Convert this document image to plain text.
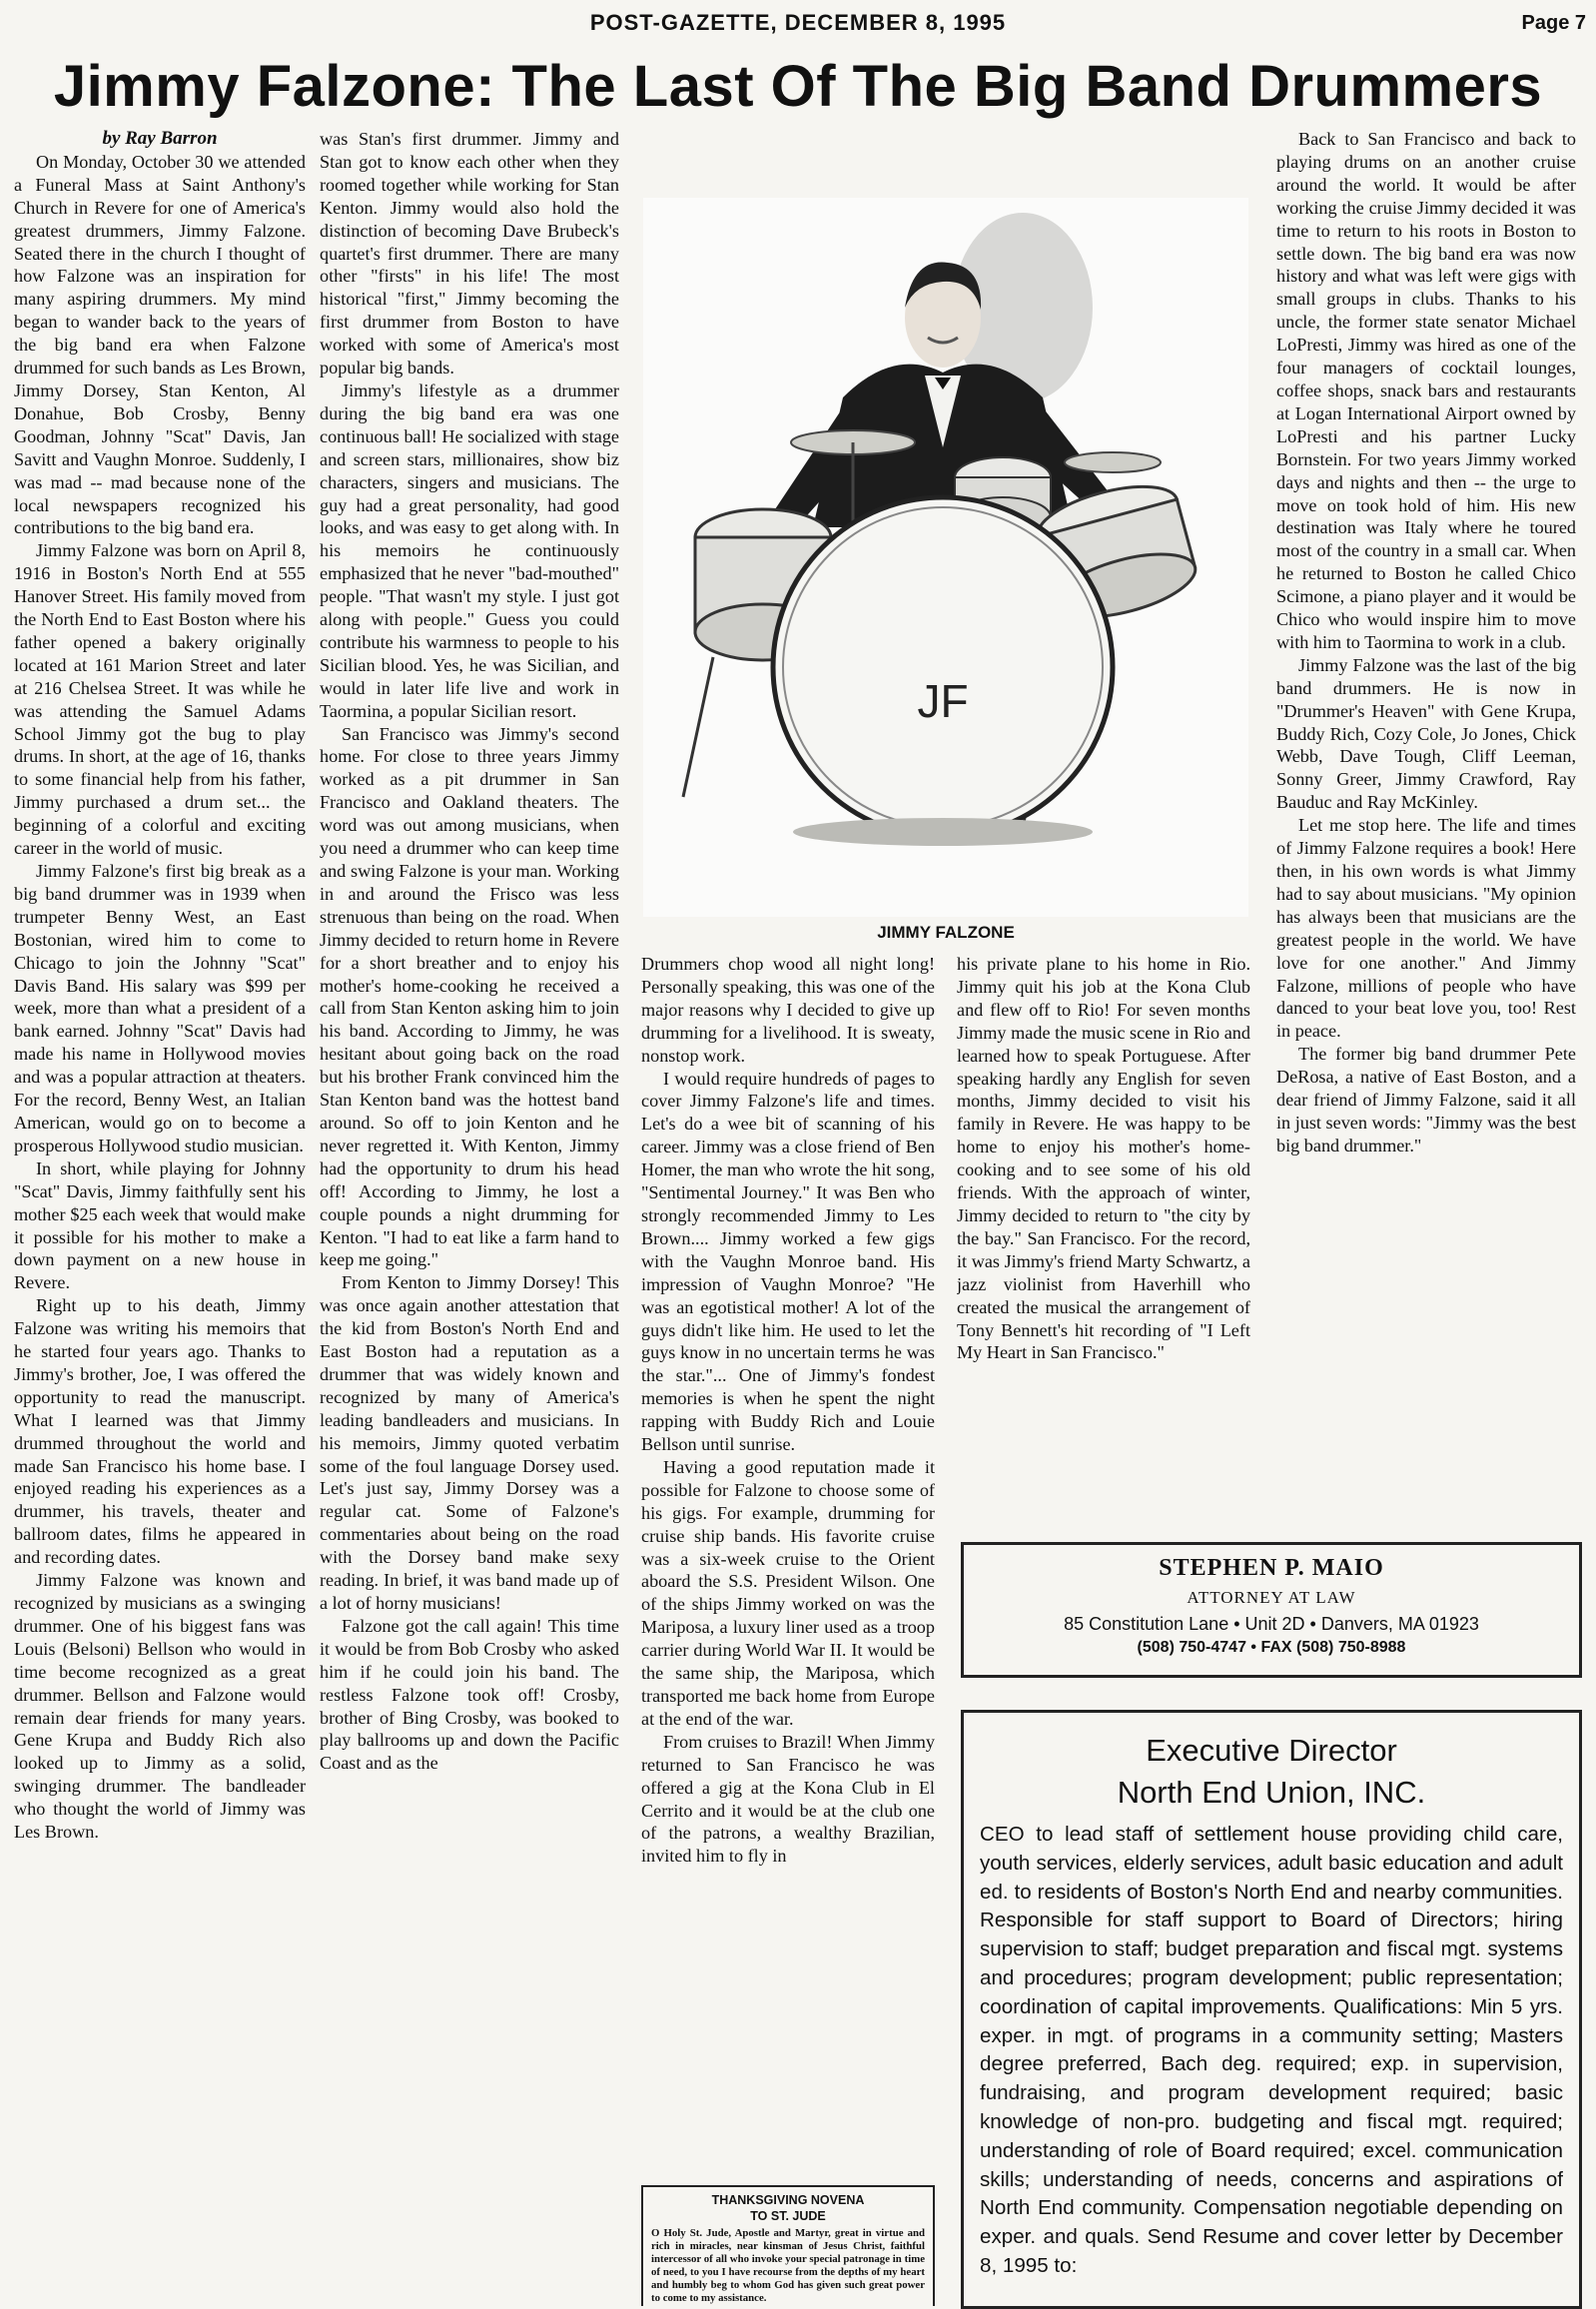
POST-GAZETTE, DECEMBER 8, 1995	Page 7
Jimmy Falzone: The Last Of The Big Band Drummers

by Ray Barron

On Monday, October 30 we attended a Funeral Mass at Saint Anthony's Church in Revere for one of America's greatest drummers, Jimmy Falzone. Seated there in the church I thought of how Falzone was an inspiration for many aspiring drummers. My mind began to wander back to the years of the big band era when Falzone drummed for such bands as Les Brown, Jimmy Dorsey, Stan Kenton, Al Donahue, Bob Crosby, Benny Goodman, Johnny "Scat" Davis, Jan Savitt and Vaughn Monroe. Suddenly, I was mad -- mad because none of the local newspapers recognized his contributions to the big band era.

Jimmy Falzone was born on April 8, 1916 in Boston's North End at 555 Hanover Street. His family moved from the North End to East Boston where his father opened a bakery originally located at 161 Marion Street and later at 216 Chelsea Street. It was while he was attending the Samuel Adams School Jimmy got the bug to play drums. In short, at the age of 16, thanks to some financial help from his father, Jimmy purchased a drum set... the beginning of a colorful and exciting career in the world of music.

Jimmy Falzone's first big break as a big band drummer was in 1939 when trumpeter Benny West, an East Bostonian, wired him to come to Chicago to join the Johnny "Scat" Davis Band. His salary was $99 per week, more than what a president of a bank earned. Johnny "Scat" Davis had made his name in Hollywood movies and was a popular attraction at theaters. For the record, Benny West, an Italian American, would go on to become a prosperous Hollywood studio musician.

In short, while playing for Johnny "Scat" Davis, Jimmy faithfully sent his mother $25 each week that would make it possible for his mother to make a down payment on a new house in Revere.

Right up to his death, Jimmy Falzone was writing his memoirs that he started four years ago. Thanks to Jimmy's brother, Joe, I was offered the opportunity to read the manuscript. What I learned was that Jimmy drummed throughout the world and made San Francisco his home base. I enjoyed reading his experiences as a drummer, his travels, theater and ballroom dates, films he appeared in and recording dates.

Jimmy Falzone was known and recognized by musicians as a swinging drummer. One of his biggest fans was Louis (Belsoni) Bellson who would in time become recognized as a great drummer. Bellson and Falzone would remain dear friends for many years. Gene Krupa and Buddy Rich also looked up to Jimmy as a solid, swinging drummer. The bandleader who thought the world of Jimmy was Les Brown.

was Stan's first drummer. Jimmy and Stan got to know each other when they roomed together while working for Stan Kenton. Jimmy would also hold the distinction of becoming Dave Brubeck's quartet's first drummer. There are many other "firsts" in his life! The most historical "first," Jimmy becoming the first drummer from Boston to have worked with some of America's most popular big bands.

Jimmy's lifestyle as a drummer during the big band era was one continuous ball! He socialized with stage and screen stars, millionaires, show biz characters, singers and musicians. The guy had a great personality, had good looks, and was easy to get along with. In his memoirs he continuously emphasized that he never "bad-mouthed" people. "That wasn't my style. I just got along with people." Guess you could contribute his warmness to people to his Sicilian blood. Yes, he was Sicilian, and would in later life live and work in Taormina, a popular Sicilian resort.

San Francisco was Jimmy's second home. For close to three years Jimmy worked as a pit drummer in San Francisco and Oakland theaters. The word was out among musicians, when you need a drummer who can keep time and swing Falzone is your man. Working in and around the Frisco was less strenuous than being on the road. When Jimmy decided to return home in Revere for a short breather and to enjoy his mother's home-cooking he received a call from Stan Kenton asking him to join his band. According to Jimmy, he was hesitant about going back on the road but his brother Frank convinced him the Stan Kenton band was the hottest band around. So off to join Kenton and he never regretted it. With Kenton, Jimmy had the opportunity to drum his head off! According to Jimmy, he lost a couple pounds a night drumming for Kenton. "I had to eat like a farm hand to keep me going."

From Kenton to Jimmy Dorsey! This was once again another attestation that the kid from Boston's North End and East Boston had a reputation as a drummer that was widely known and recognized by many of America's leading bandleaders and musicians. In his memoirs, Jimmy quoted verbatim some of the foul language Dorsey used. Let's just say, Jimmy Dorsey was a regular cat. Some of Falzone's commentaries about being on the road with the Dorsey band make sexy reading. In brief, it was band made up of a lot of horny musicians!

Falzone got the call again! This time it would be from Bob Crosby who asked him if he could join his band. The restless Falzone took off! Crosby, brother of Bing Crosby, was booked to play ballrooms up and down the Pacific Coast and as the

JF
JIMMY FALZONE

Drummers chop wood all night long! Personally speaking, this was one of the major reasons why I decided to give up drumming for a livelihood. It is sweaty, nonstop work.

I would require hundreds of pages to cover Jimmy Falzone's life and times. Let's do a wee bit of scanning of his career. Jimmy was a close friend of Ben Homer, the man who wrote the hit song, "Sentimental Journey." It was Ben who strongly recommended Jimmy to Les Brown.... Jimmy worked a few gigs with the Vaughn Monroe band. His impression of Vaughn Monroe? "He was an egotistical mother! A lot of the guys didn't like him. He used to let the guys know in no uncertain terms he was the star."... One of Jimmy's fondest memories is when he spent the night rapping with Buddy Rich and Louie Bellson until sunrise.

Having a good reputation made it possible for Falzone to choose some of his gigs. For example, drumming for cruise ship bands. His favorite cruise was a six-week cruise to the Orient aboard the S.S. President Wilson. One of the ships Jimmy worked on was the Mariposa, a luxury liner used as a troop carrier during World War II. It would be the same ship, the Mariposa, which transported me back home from Europe at the end of the war.

From cruises to Brazil! When Jimmy returned to San Francisco he was offered a gig at the Kona Club in El Cerrito and it would be at the club one of the patrons, a wealthy Brazilian, invited him to fly in

his private plane to his home in Rio. Jimmy quit his job at the Kona Club and flew off to Rio! For seven months Jimmy made the music scene in Rio and learned how to speak Portuguese. After speaking hardly any English for seven months, Jimmy decided to visit his family in Revere. He was happy to be home to enjoy his mother's home-cooking and to see some of his old friends. With the approach of winter, Jimmy decided to return to "the city by the bay." San Francisco. For the record, it was Jimmy's friend Marty Schwartz, a jazz violinist from Haverhill who created the musical the arrangement of Tony Bennett's hit recording of "I Left My Heart in San Francisco."

Back to San Francisco and back to playing drums on an another cruise around the world. It would be after working the cruise Jimmy decided it was time to return to his roots in Boston to settle down. The big band era was now history and what was left were gigs with small groups in clubs. Thanks to his uncle, the former state senator Michael LoPresti, Jimmy was hired as one of the four managers of cocktail lounges, coffee shops, snack bars and restaurants at Logan International Airport owned by LoPresti and his partner Lucky Bornstein. For two years Jimmy worked days and nights and then -- the urge to move on took hold of him. His new destination was Italy where he toured most of the country in a small car. When he returned to Boston he called Chico Scimone, a piano player and it would be Chico who would inspire him to move with him to Taormina to work in a club.

Jimmy Falzone was the last of the big band drummers. He is now in "Drummer's Heaven" with Gene Krupa, Buddy Rich, Cozy Cole, Jo Jones, Chick Webb, Dave Tough, Cliff Leeman, Sonny Greer, Jimmy Crawford, Ray Bauduc and Ray McKinley.

Let me stop here. The life and times of Jimmy Falzone requires a book! Here then, in his own words is what Jimmy had to say about musicians. "My opinion has always been that musicians are the greatest people in the world. We have love for one another." And Jimmy Falzone, millions of people who have danced to your beat love you, too! Rest in peace.

The former big band drummer Pete DeRosa, a native of East Boston, and a dear friend of Jimmy Falzone, said it all in just seven words: "Jimmy was the best big band drummer."

STEPHEN P. MAIO
ATTORNEY AT LAW
85 Constitution Lane • Unit 2D • Danvers, MA 01923
(508) 750-4747 • FAX (508) 750-8988
Executive Director
North End Union, INC.
CEO to lead staff of settlement house providing child care, youth services, elderly services, adult basic education and adult ed. to residents of Boston's North End and nearby communities. Responsible for staff support to Board of Directors; hiring supervision to staff; budget preparation and fiscal mgt. systems and procedures; program development; public representation; coordination of capital improvements. Qualifications: Min 5 yrs. exper. in mgt. of programs in a community setting; Masters degree preferred, Bach deg. required; exp. in supervision, fundraising, and program development required; basic knowledge of non-pro. budgeting and fiscal mgt. required; understanding of role of Board required; excel. communication skills; understanding of needs, concerns and aspirations of North End community. Compensation negotiable depending on exper. and quals. Send Resume and cover letter by December 8, 1995 to:
THANKSGIVING NOVENA
TO ST. JUDE
O Holy St. Jude, Apostle and Martyr, great in virtue and rich in miracles, near kinsman of Jesus Christ, faithful intercessor of all who invoke your special patronage in time of need, to you I have recourse from the depths of my heart and humbly beg to whom God has given such great power to come to my assistance.
